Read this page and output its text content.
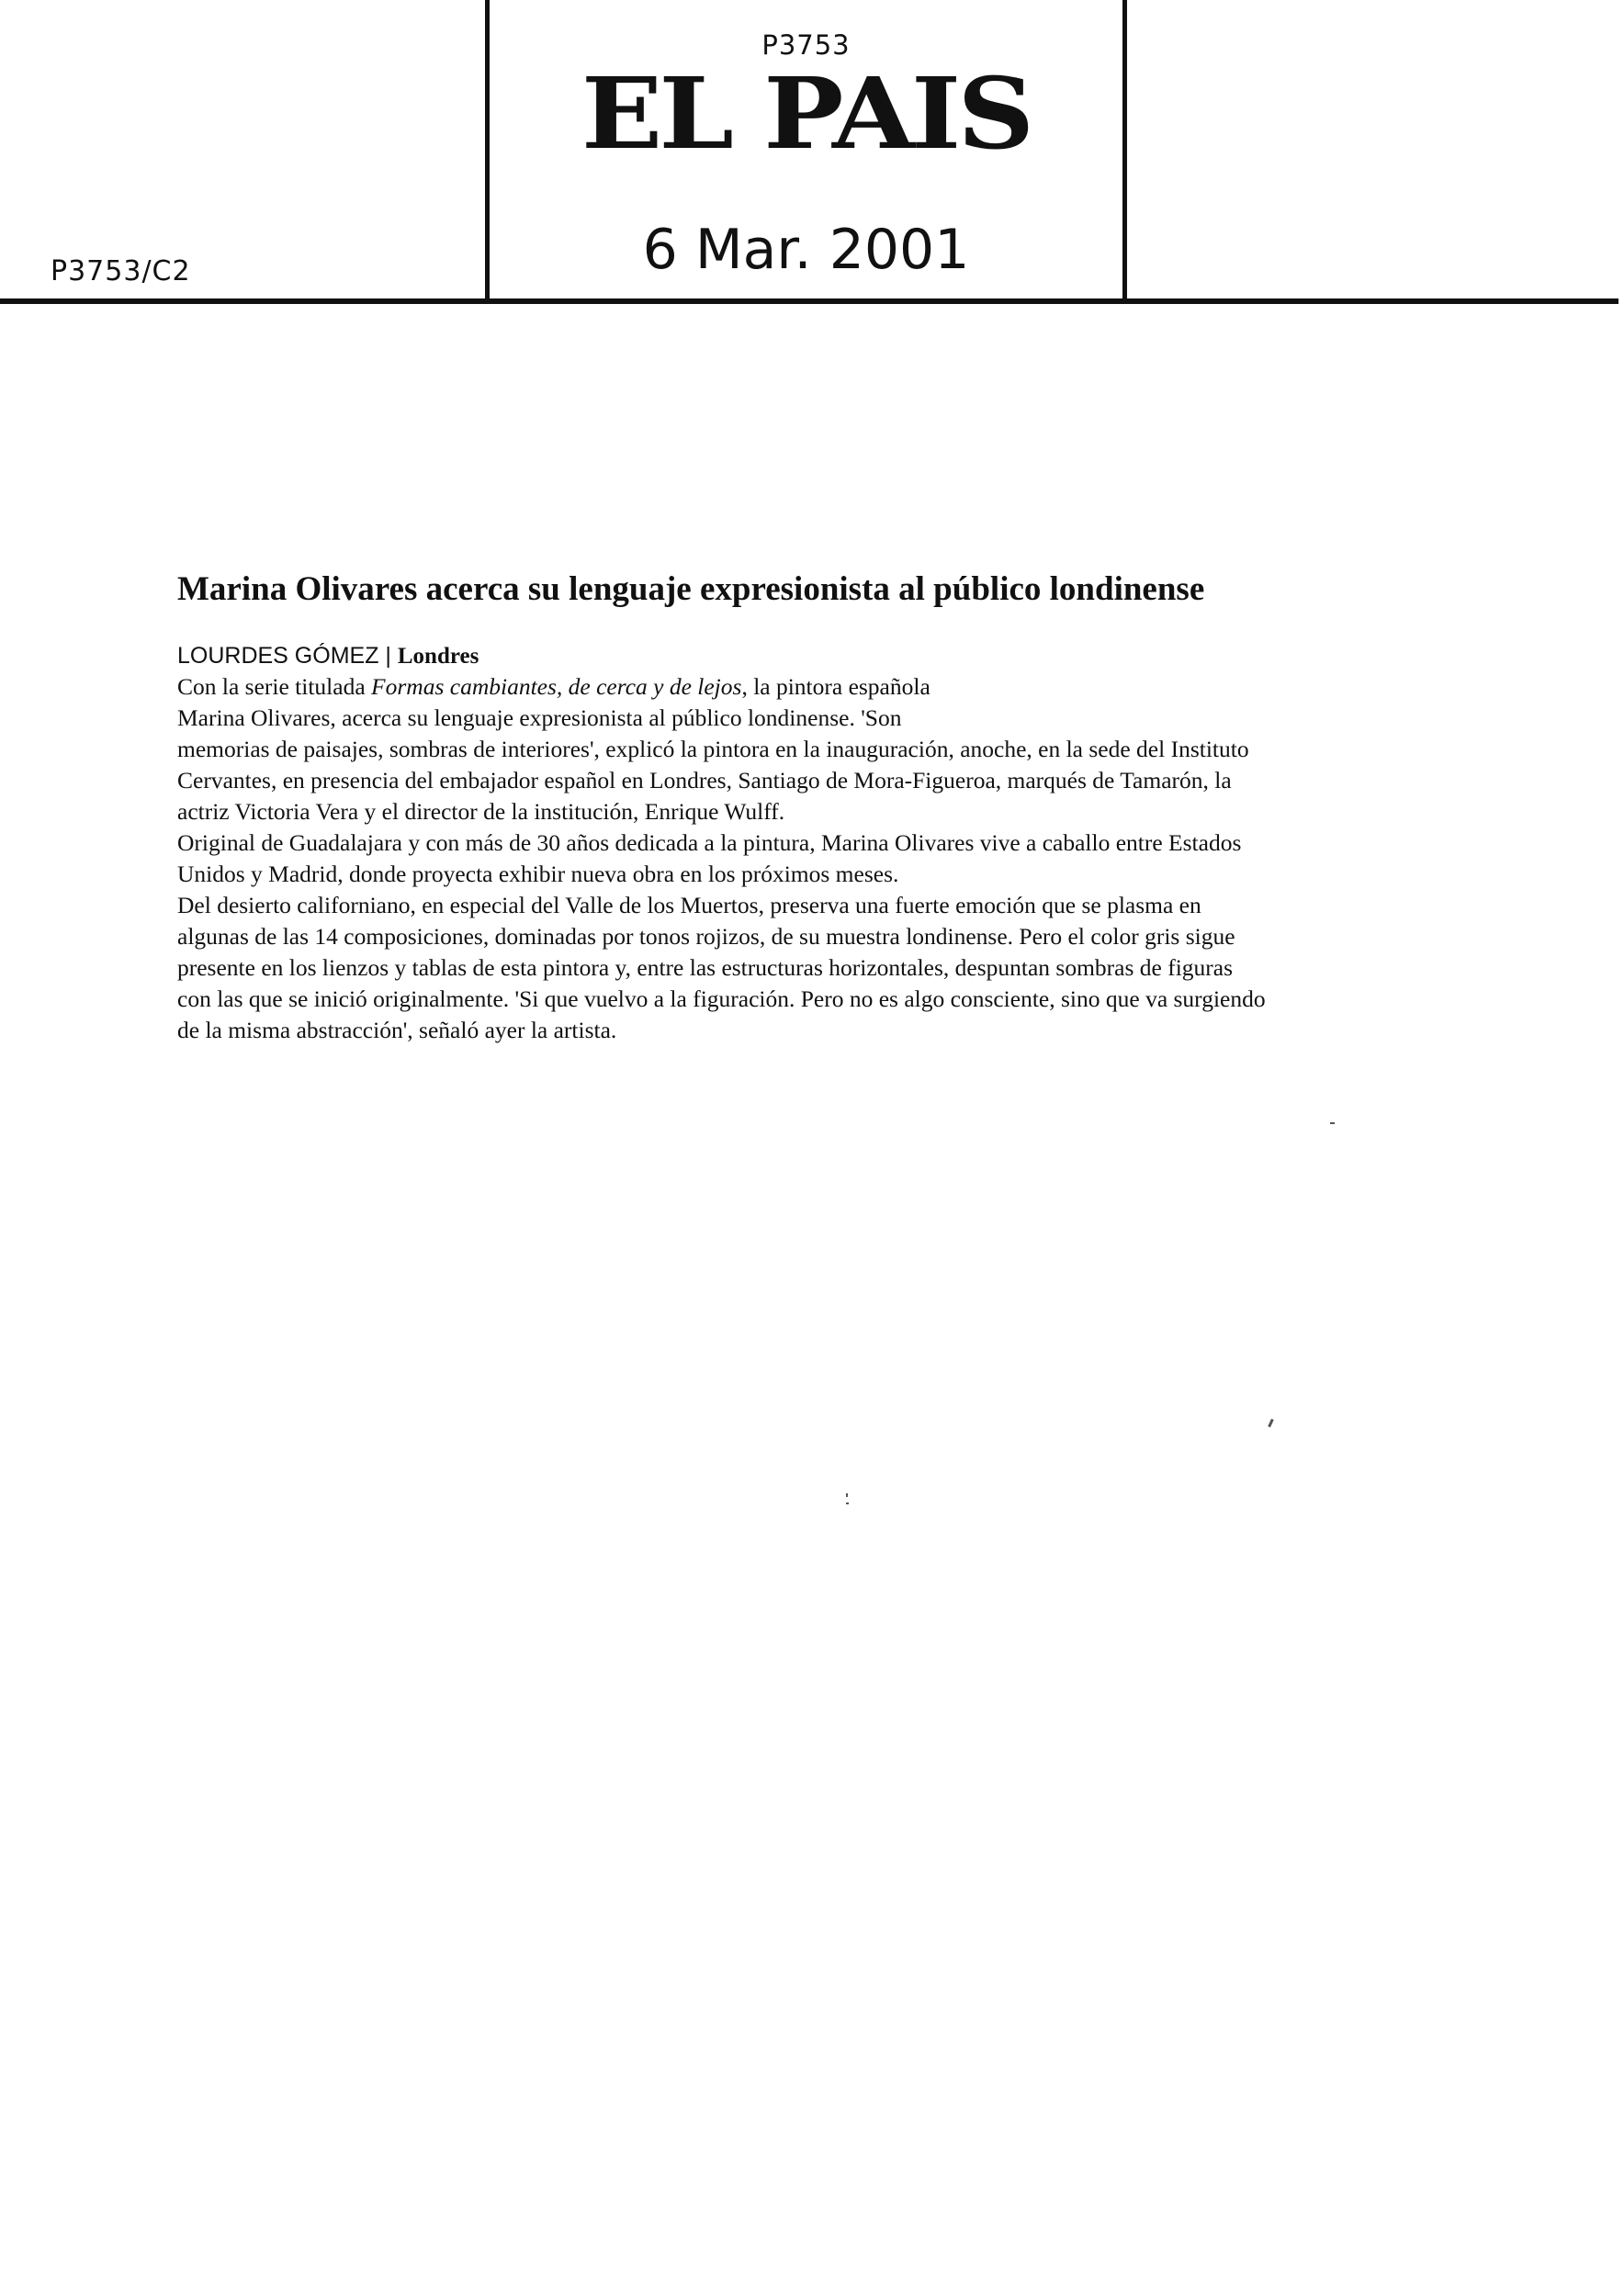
P3753/C2
P3753
EL PAIS
6 Mar. 2001
Marina Olivares acerca su lenguaje expresionista al público londinense
LOURDES GÓMEZ | Londres
Con la serie titulada Formas cambiantes, de cerca y de lejos, la pintora española
Marina Olivares, acerca su lenguaje expresionista al público londinense. 'Son
memorias de paisajes, sombras de interiores', explicó la pintora en la inauguración, anoche, en la sede del Instituto
Cervantes, en presencia del embajador español en Londres, Santiago de Mora-Figueroa, marqués de Tamarón, la
actriz Victoria Vera y el director de la institución, Enrique Wulff.
Original de Guadalajara y con más de 30 años dedicada a la pintura, Marina Olivares vive a caballo entre Estados
Unidos y Madrid, donde proyecta exhibir nueva obra en los próximos meses.
Del desierto californiano, en especial del Valle de los Muertos, preserva una fuerte emoción que se plasma en
algunas de las 14 composiciones, dominadas por tonos rojizos, de su muestra londinense. Pero el color gris sigue
presente en los lienzos y tablas de esta pintora y, entre las estructuras horizontales, despuntan sombras de figuras
con las que se inició originalmente. 'Si que vuelvo a la figuración. Pero no es algo consciente, sino que va surgiendo
de la misma abstracción', señaló ayer la artista.
